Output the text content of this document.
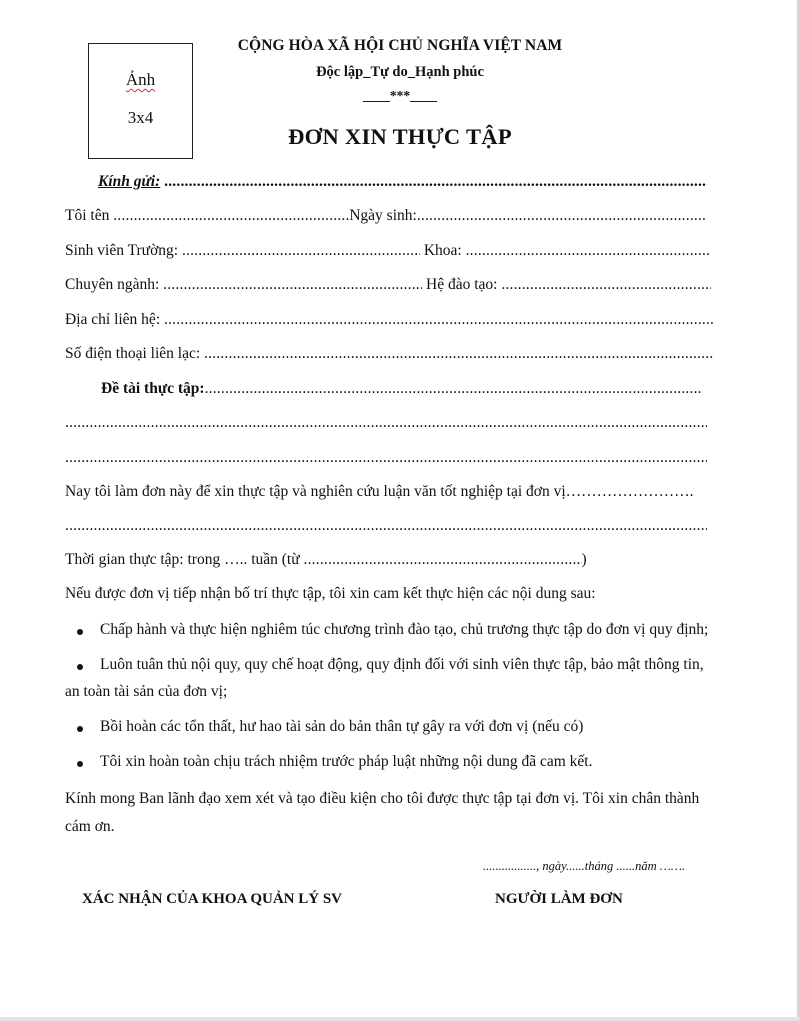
Ảnh
3x4
CỘNG HÒA XÃ HỘI CHỦ NGHĨA VIỆT NAM
Độc lập_Tự do_Hạnh phúc
____***____
ĐƠN XIN THỰC TẬP
Kính gửi: .....
Tôi tên .....	Ngày sinh:.....
Sinh viên Trường: .....	Khoa: .....
Chuyên ngành: .....	Hệ đào tạo: .....
Địa chỉ liên hệ: .....
Số điện thoại liên lạc: .....
Đề tài thực tập:.....
.....
.....
Nay tôi làm đơn này để xin thực tập và nghiên cứu luận văn tốt nghiệp tại đơn vị…………………….
.....
Thời gian thực tập: trong ….. tuần (từ .....	)
Nếu được đơn vị tiếp nhận bố trí thực tập, tôi xin cam kết thực hiện các nội dung sau:
Chấp hành và thực hiện nghiêm túc chương trình đào tạo, chủ trương thực tập do đơn vị quy định;
Luôn tuân thủ nội quy, quy chế hoạt động, quy định đối với sinh viên thực tập, bảo mật thông tin,
an toàn tài sản của đơn vị;
Bồi hoàn các tổn thất, hư hao tài sản do bản thân tự gây ra với đơn vị (nếu có)
Tôi xin hoàn toàn chịu trách nhiệm trước pháp luật những nội dung đã cam kết.
Kính mong Ban lãnh đạo xem xét và tạo điều kiện cho tôi được thực tập tại đơn vị. Tôi xin chân thành
cám ơn.
................., ngày......tháng ......năm …….
XÁC NHẬN CỦA KHOA QUẢN LÝ SV	NGƯỜI LÀM ĐƠN
